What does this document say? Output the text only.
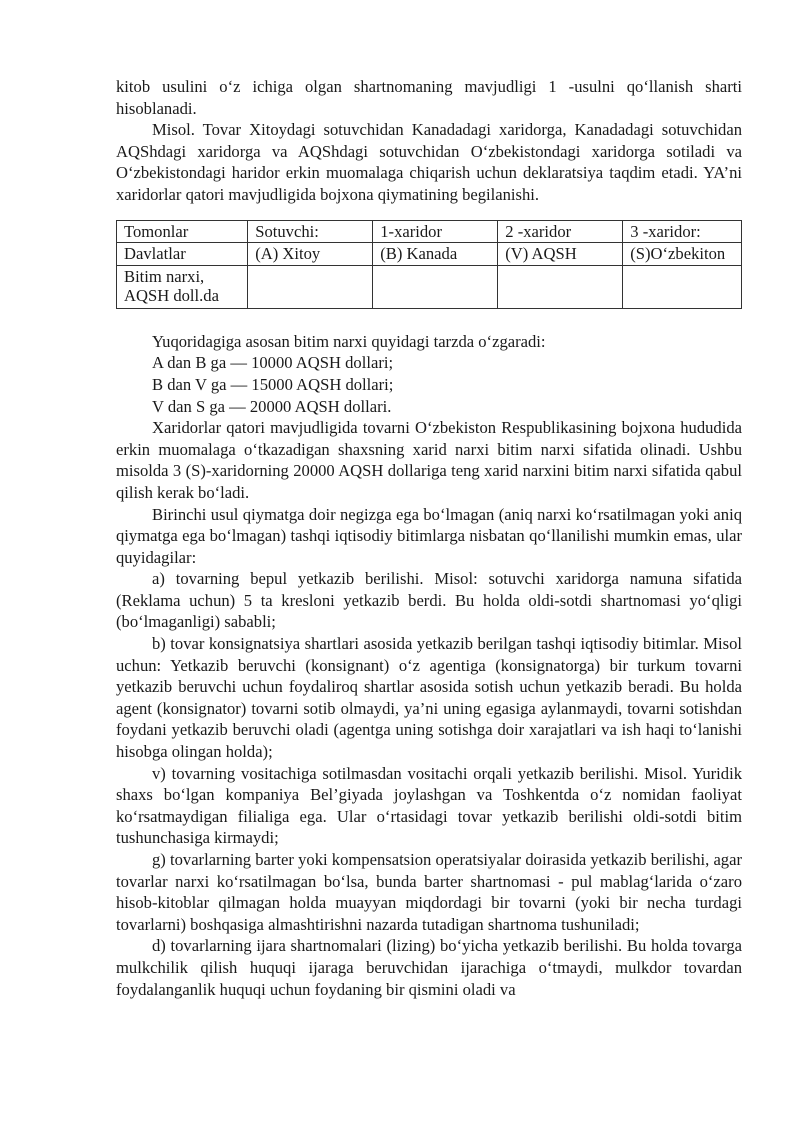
kitob usulini o‘z ichiga olgan shartnomaning mavjudligi 1 -usulni qo‘llanish sharti hisoblanadi.

Misol. Tovar Xitoydagi sotuvchidan Kanadadagi xaridorga, Kanadadagi sotuvchidan AQShdagi xaridorga va AQShdagi sotuvchidan O‘zbekistondagi xaridorga sotiladi va O‘zbekistondagi haridor erkin muomalaga chiqarish uchun deklaratsiya taqdim etadi. YA’ni xaridorlar qatori mavjudligida bojxona qiymatining begilanishi.

Tomonlar	Sotuvchi:	1-xaridor	2 -xaridor	3 -xaridor:
Davlatlar	(A) Xitoy	(B) Kanada	(V) AQSH	(S)O‘zbekiton
Bitim narxi,
AQSH doll.da				

Yuqoridagiga asosan bitim narxi quyidagi tarzda o‘zgaradi:

A dan B ga — 10000 AQSH dollari;

B dan V ga — 15000 AQSH dollari;

V dan S ga — 20000 AQSH dollari.

Xaridorlar qatori mavjudligida tovarni O‘zbekiston Respublikasining bojxona hududida erkin muomalaga o‘tkazadigan shaxsning xarid narxi bitim narxi sifatida olinadi. Ushbu misolda 3 (S)-xaridorning 20000 AQSH dollariga teng xarid narxini bitim narxi sifatida qabul qilish kerak bo‘ladi.

Birinchi usul qiymatga doir negizga ega bo‘lmagan (aniq narxi ko‘rsatilmagan yoki aniq qiymatga ega bo‘lmagan) tashqi iqtisodiy bitimlarga nisbatan qo‘llanilishi mumkin emas, ular quyidagilar:

a) tovarning bepul yetkazib berilishi. Misol: sotuvchi xaridorga namuna sifatida (Reklama uchun) 5 ta kresloni yetkazib berdi. Bu holda oldi-sotdi shartnomasi yo‘qligi (bo‘lmaganligi) sababli;

b) tovar konsignatsiya shartlari asosida yetkazib berilgan tashqi iqtisodiy bitimlar. Misol uchun: Yetkazib beruvchi (konsignant) o‘z agentiga (konsignatorga) bir turkum tovarni yetkazib beruvchi uchun foydaliroq shartlar asosida sotish uchun yetkazib beradi. Bu holda agent (konsignator) tovarni sotib olmaydi, ya’ni uning egasiga aylanmaydi, tovarni sotishdan foydani yetkazib beruvchi oladi (agentga uning sotishga doir xarajatlari va ish haqi to‘lanishi hisobga olingan holda);

v) tovarning vositachiga sotilmasdan vositachi orqali yetkazib berilishi. Misol. Yuridik shaxs bo‘lgan kompaniya Bel’giyada joylashgan va Toshkentda o‘z nomidan faoliyat ko‘rsatmaydigan filialiga ega. Ular o‘rtasidagi tovar yetkazib berilishi oldi-sotdi bitim tushunchasiga kirmaydi;

g) tovarlarning barter yoki kompensatsion operatsiyalar doirasida yetkazib berilishi, agar tovarlar narxi ko‘rsatilmagan bo‘lsa, bunda barter shartnomasi - pul mablag‘larida o‘zaro hisob-kitoblar qilmagan holda muayyan miqdordagi bir tovarni (yoki bir necha turdagi tovarlarni) boshqasiga almashtirishni nazarda tutadigan shartnoma tushuniladi;

d) tovarlarning ijara shartnomalari (lizing) bo‘yicha yetkazib berilishi. Bu holda tovarga mulkchilik qilish huquqi ijaraga beruvchidan ijarachiga o‘tmaydi, mulkdor tovardan foydalanganlik huquqi uchun foydaning bir qismini oladi va
